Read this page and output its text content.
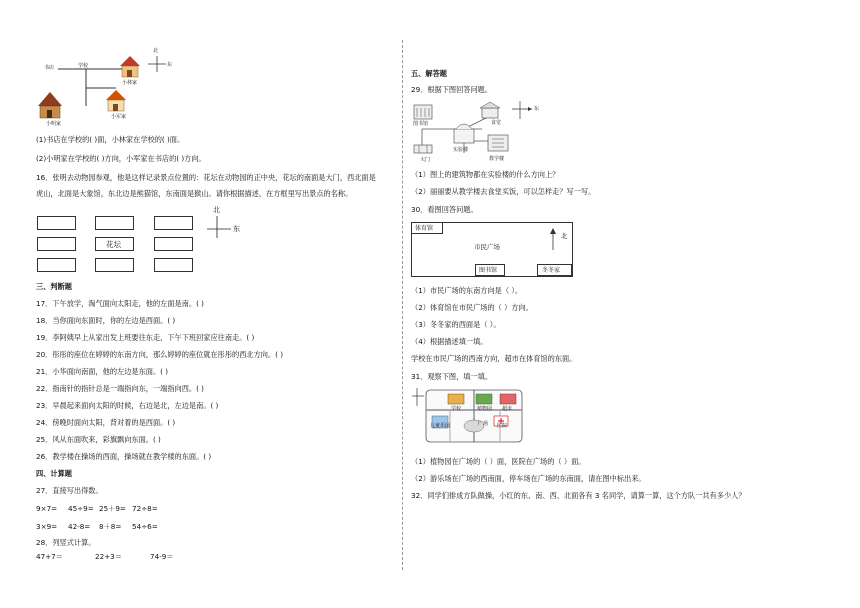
书店	学校
小林家
小军家
小明家
北
东
(1)书店在学校的( )面，小林家在学校的( )面。
(2)小明家在学校的( )方向，小军家在书店的( )方向。
16．张明去动物园参观，他是这样记录景点位置的：花坛在动物园的正中央，花坛的南面是大门，西北面是
虎山，北面是大象馆，东北边是熊猫馆，东南面是猴山。请你根据描述，在方框里写出景点的名称。
花坛
北
东
三、判断题
17．下午放学，淘气面向太阳走，他的左面是南。( )
18．当你面向东面时，你的左边是西面。( )
19．李阿姨早上从家出发上班要往东走，下午下班回家应往南走。( )
20．彤彤的座位在婷婷的东南方向，那么婷婷的座位就在彤彤的西北方向。( )
21．小华面向南面，他的左边是东面。( )
22．指南针的指针总是一端指向东，一端指向西。( )
23．早晨起来面向太阳的时候，右边是北，左边是南。( )
24．傍晚时面向太阳，背对着的是西面。( )
25．风从东面吹来，彩旗飘向东面。( )
26．教学楼在操场的西面，操场就在教学楼的东面。( )
四、计算题
27．直接写出得数。
9×7= 45÷9= 25＋9= 72÷8=
3×9= 42-8= 8＋8= 54÷6=
28．列竖式计算。
47+7＝	22+3＝	74-9＝
五、解答题
29．根据下图回答问题。
图书馆	食堂
实验楼
大门	教学楼
东
（1）图上的建筑物都在实验楼的什么方向上？
（2）丽丽要从教学楼去食堂买饭，可以怎样走？写一写。
30．看图回答问题。
体育馆
市民广场
图书馆	冬冬家
北
（1）市民广场的东南方向是（ ）。
（2）体育馆在市民广场的（ ）方向。
（3）冬冬家的西面是（ ）。
（4）根据描述填一填。
学校在市民广场的西南方向，超市在体育馆的东面。
31．观察下图，填一填。
学校	植物园 超市
儿童乐园	广场 医院
（1）植物园在广场的（ ）面，医院在广场的（ ）面。
（2）游乐场在广场的西南面，停车场在广场的东南面，请在图中标出来。
32．同学们排成方队做操，小红的东、南、西、北面各有 3 名同学，请算一算，这个方队一共有多少人？
